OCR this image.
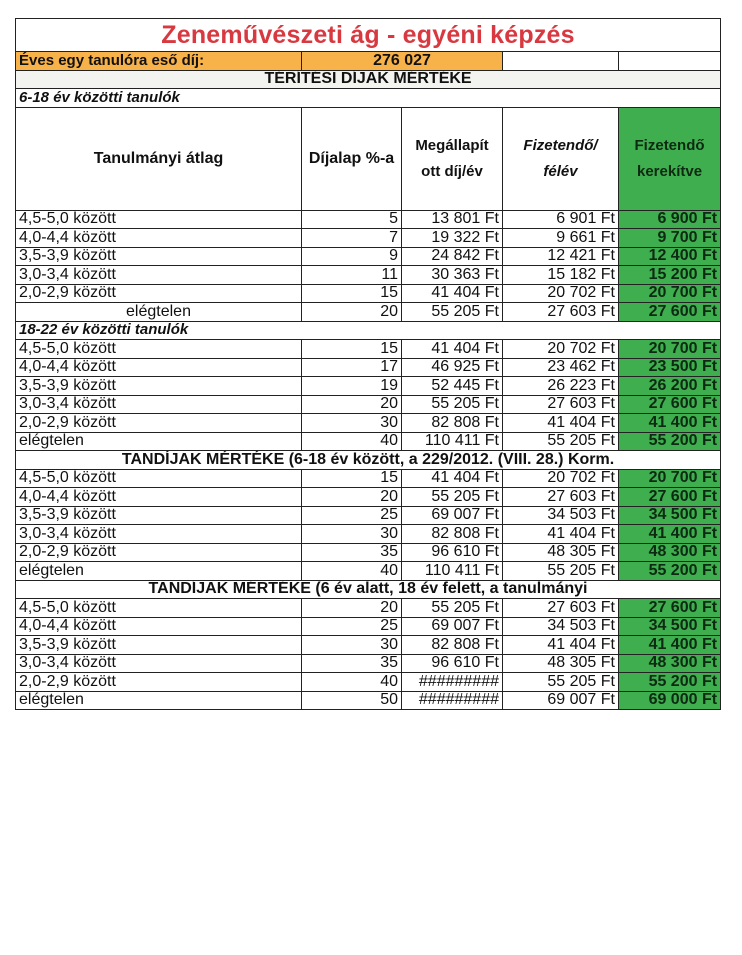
Zeneművészeti ág - egyéni képzés				
Éves egy tanulóra eső díj:	276 027			
TÉRÍTÉSI DÍJAK MÉRTÉKE				
6-18 év közötti tanulók				
Tanulmányi átlag	Díjalap %-a	Megállapít ott díj/év	Fizetendő/ félév	Fizetendő kerekítve
4,5-5,0 között	5	13 801 Ft	6 901 Ft	6 900 Ft
4,0-4,4 között	7	19 322 Ft	9 661 Ft	9 700 Ft
3,5-3,9 között	9	24 842 Ft	12 421 Ft	12 400 Ft
3,0-3,4 között	11	30 363 Ft	15 182 Ft	15 200 Ft
2,0-2,9 között	15	41 404 Ft	20 702 Ft	20 700 Ft
elégtelen	20	55 205 Ft	27 603 Ft	27 600 Ft
18-22 év közötti tanulók				
4,5-5,0 között	15	41 404 Ft	20 702 Ft	20 700 Ft
4,0-4,4 között	17	46 925 Ft	23 462 Ft	23 500 Ft
3,5-3,9 között	19	52 445 Ft	26 223 Ft	26 200 Ft
3,0-3,4 között	20	55 205 Ft	27 603 Ft	27 600 Ft
2,0-2,9 között	30	82 808 Ft	41 404 Ft	41 400 Ft
elégtelen	40	110 411 Ft	55 205 Ft	55 200 Ft
TANDÍJAK MÉRTÉKE (6-18 év között, a 229/2012. (VIII. 28.) Korm.				
4,5-5,0 között	15	41 404 Ft	20 702 Ft	20 700 Ft
4,0-4,4 között	20	55 205 Ft	27 603 Ft	27 600 Ft
3,5-3,9 között	25	69 007 Ft	34 503 Ft	34 500 Ft
3,0-3,4 között	30	82 808 Ft	41 404 Ft	41 400 Ft
2,0-2,9 között	35	96 610 Ft	48 305 Ft	48 300 Ft
elégtelen	40	110 411 Ft	55 205 Ft	55 200 Ft
TANDÍJAK MÉRTÉKE (6 év alatt, 18 év felett, a tanulmányi				
4,5-5,0 között	20	55 205 Ft	27 603 Ft	27 600 Ft
4,0-4,4 között	25	69 007 Ft	34 503 Ft	34 500 Ft
3,5-3,9 között	30	82 808 Ft	41 404 Ft	41 400 Ft
3,0-3,4 között	35	96 610 Ft	48 305 Ft	48 300 Ft
2,0-2,9 között	40	#########	55 205 Ft	55 200 Ft
elégtelen	50	#########	69 007 Ft	69 000 Ft
